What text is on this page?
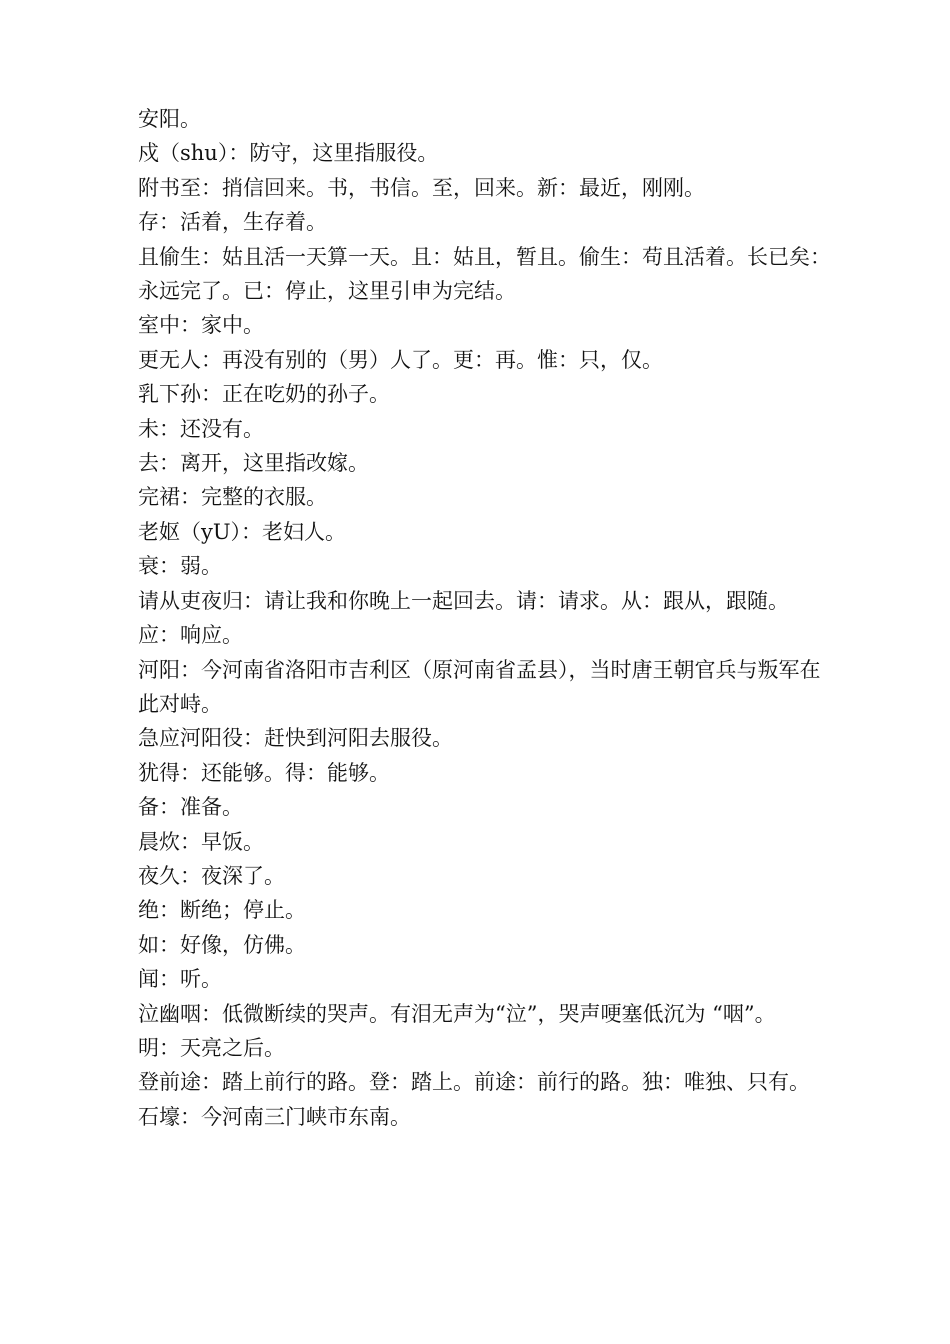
安阳。

戍（shu）：防守，这里指服役。

附书至：捎信回来。书，书信。至，回来。新：最近，刚刚。

存：活着，生存着。

且偷生：姑且活一天算一天。且：姑且，暂且。偷生：苟且活着。长已矣：永远完了。已：停止，这里引申为完结。

室中：家中。

更无人：再没有别的（男）人了。更：再。惟：只，仅。

乳下孙：正在吃奶的孙子。

未：还没有。

去：离开，这里指改嫁。

完裙：完整的衣服。

老妪（yU）：老妇人。

衰：弱。

请从吏夜归：请让我和你晚上一起回去。请：请求。从：跟从，跟随。

应：响应。

河阳：今河南省洛阳市吉利区（原河南省孟县），当时唐王朝官兵与叛军在此对峙。

急应河阳役：赶快到河阳去服役。

犹得：还能够。得：能够。

备：准备。

晨炊：早饭。

夜久：夜深了。

绝：断绝；停止。

如：好像，仿佛。

闻：听。

泣幽咽：低微断续的哭声。有泪无声为“泣”，哭声哽塞低沉为 “咽”。

明：天亮之后。

登前途：踏上前行的路。登：踏上。前途：前行的路。独：唯独、只有。

石壕：今河南三门峡市东南。
